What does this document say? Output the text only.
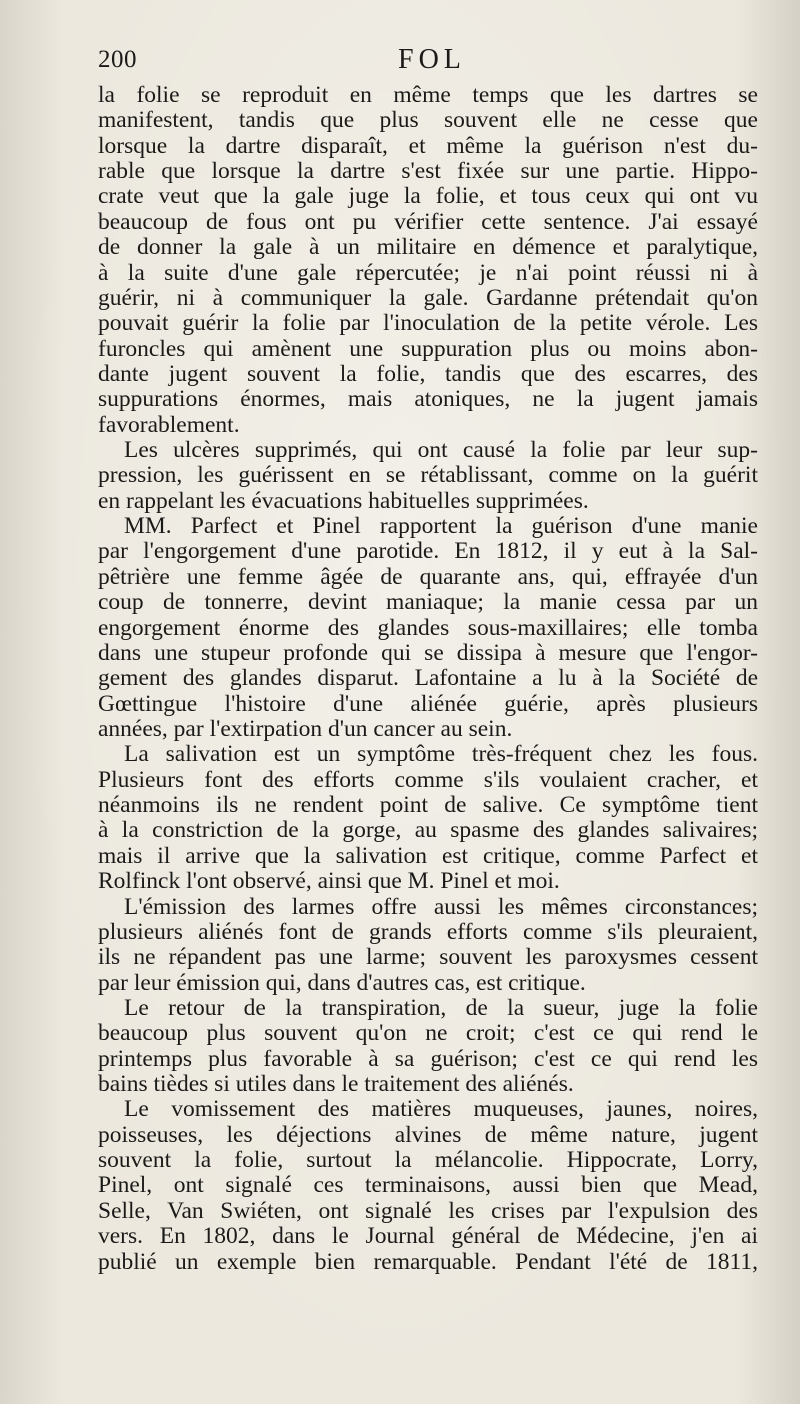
200	FOL
la folie se reproduit en même temps que les dartres se
manifestent, tandis que plus souvent elle ne cesse que
lorsque la dartre disparaît, et même la guérison n'est du-
rable que lorsque la dartre s'est fixée sur une partie. Hippo-
crate veut que la gale juge la folie, et tous ceux qui ont vu
beaucoup de fous ont pu vérifier cette sentence. J'ai essayé
de donner la gale à un militaire en démence et paralytique,
à la suite d'une gale répercutée; je n'ai point réussi ni à
guérir, ni à communiquer la gale. Gardanne prétendait qu'on
pouvait guérir la folie par l'inoculation de la petite vérole. Les
furoncles qui amènent une suppuration plus ou moins abon-
dante jugent souvent la folie, tandis que des escarres, des
suppurations énormes, mais atoniques, ne la jugent jamais
favorablement.
Les ulcères supprimés, qui ont causé la folie par leur sup-
pression, les guérissent en se rétablissant, comme on la guérit
en rappelant les évacuations habituelles supprimées.
MM. Parfect et Pinel rapportent la guérison d'une manie
par l'engorgement d'une parotide. En 1812, il y eut à la Sal-
pêtrière une femme âgée de quarante ans, qui, effrayée d'un
coup de tonnerre, devint maniaque; la manie cessa par un
engorgement énorme des glandes sous-maxillaires; elle tomba
dans une stupeur profonde qui se dissipa à mesure que l'engor-
gement des glandes disparut. Lafontaine a lu à la Société de
Gœttingue l'histoire d'une aliénée guérie, après plusieurs
années, par l'extirpation d'un cancer au sein.
La salivation est un symptôme très-fréquent chez les fous.
Plusieurs font des efforts comme s'ils voulaient cracher, et
néanmoins ils ne rendent point de salive. Ce symptôme tient
à la constriction de la gorge, au spasme des glandes salivaires;
mais il arrive que la salivation est critique, comme Parfect et
Rolfinck l'ont observé, ainsi que M. Pinel et moi.
L'émission des larmes offre aussi les mêmes circonstances;
plusieurs aliénés font de grands efforts comme s'ils pleuraient,
ils ne répandent pas une larme; souvent les paroxysmes cessent
par leur émission qui, dans d'autres cas, est critique.
Le retour de la transpiration, de la sueur, juge la folie
beaucoup plus souvent qu'on ne croit; c'est ce qui rend le
printemps plus favorable à sa guérison; c'est ce qui rend les
bains tièdes si utiles dans le traitement des aliénés.
Le vomissement des matières muqueuses, jaunes, noires,
poisseuses, les déjections alvines de même nature, jugent
souvent la folie, surtout la mélancolie. Hippocrate, Lorry,
Pinel, ont signalé ces terminaisons, aussi bien que Mead,
Selle, Van Swiéten, ont signalé les crises par l'expulsion des
vers. En 1802, dans le Journal général de Médecine, j'en ai
publié un exemple bien remarquable. Pendant l'été de 1811,
